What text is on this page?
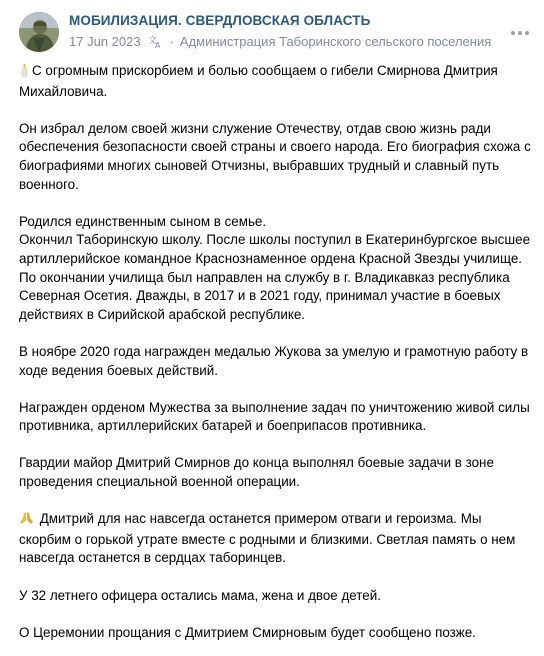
МОБИЛИЗАЦИЯ. СВЕРДЛОВСКАЯ ОБЛАСТЬ
17 Jun 2023 文
A · Администрация Таборинского сельского поселения

С огромным прискорбием и болью сообщаем о гибели Смирнова Дмитрия Михайловича.

Он избрал делом своей жизни служение Отечеству, отдав свою жизнь ради обеспечения безопасности своей страны и своего народа. Его биография схожа с биографиями многих сыновей Отчизны, выбравших трудный и славный путь военного.

Родился единственным сыном в семье.

Окончил Таборинскую школу. После школы поступил в Екатеринбургское высшее артиллерийское командное Краснознаменное ордена Красной Звезды училище.

По окончании училища был направлен на службу в г. Владикавказ республика Северная Осетия. Дважды, в 2017 и в 2021 году, принимал участие в боевых действиях в Сирийской арабской республике.

В ноябре 2020 года награжден медалью Жукова за умелую и грамотную работу в ходе ведения боевых действий.

Награжден орденом Мужества за выполнение задач по уничтожению живой силы противника, артиллерийских батарей и боеприпасов противника.

Гвардии майор Дмитрий Смирнов до конца выполнял боевые задачи в зоне проведения специальной военной операции.

Дмитрий для нас навсегда останется примером отваги и героизма. Мы скорбим о горькой утрате вместе с родными и близкими. Светлая память о нем навсегда останется в сердцах таборинцев.

У 32 летнего офицера остались мама, жена и двое детей.

О Церемонии прощания с Дмитрием Смирновым будет сообщено позже.
